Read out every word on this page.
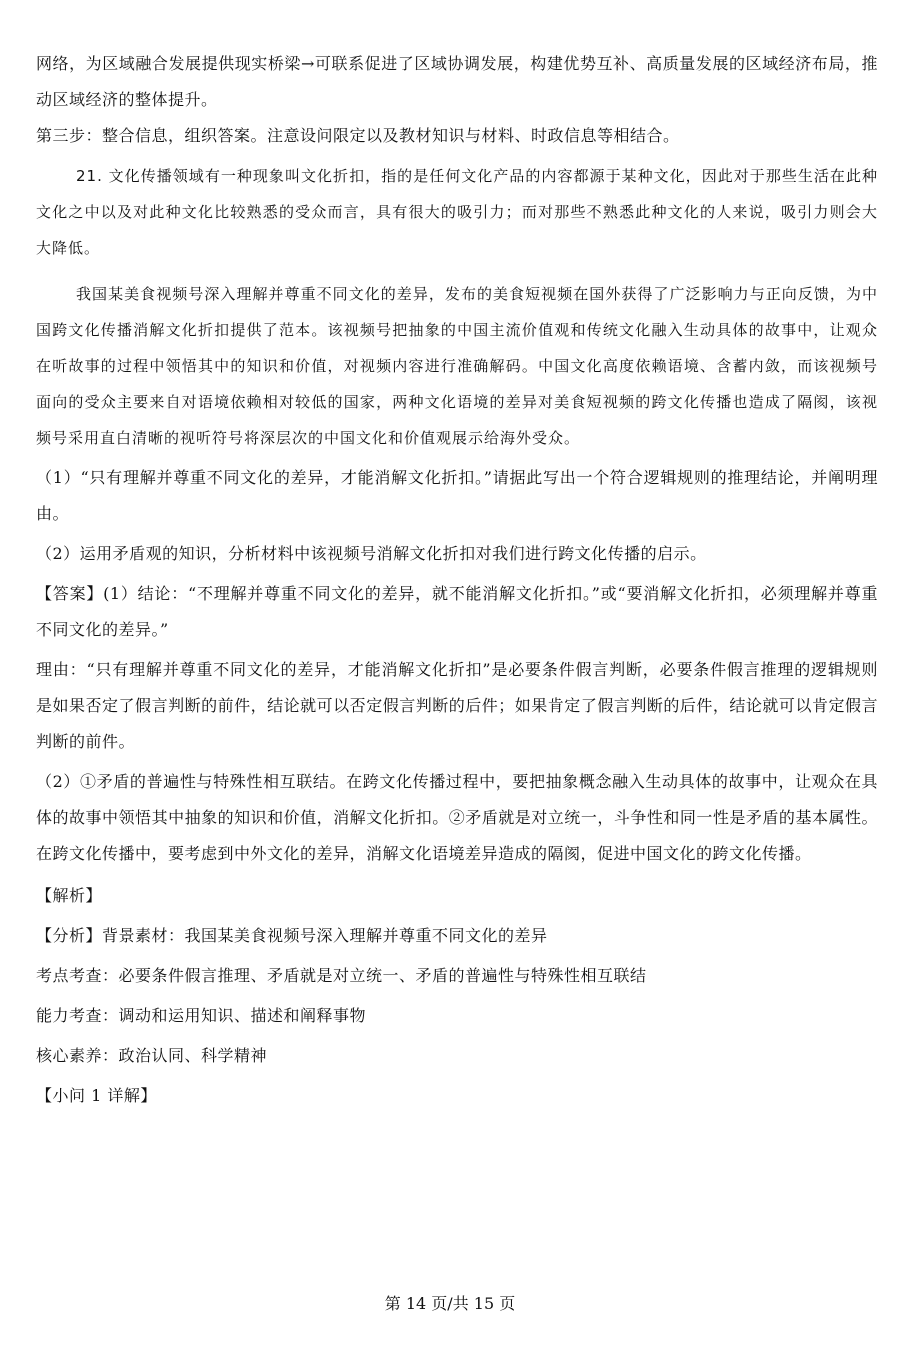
网络，为区域融合发展提供现实桥梁→可联系促进了区域协调发展，构建优势互补、高质量发展的区域经济布局，推动区域经济的整体提升。

第三步：整合信息，组织答案。注意设问限定以及教材知识与材料、时政信息等相结合。

21. 文化传播领域有一种现象叫文化折扣，指的是任何文化产品的内容都源于某种文化，因此对于那些生活在此种文化之中以及对此种文化比较熟悉的受众而言，具有很大的吸引力；而对那些不熟悉此种文化的人来说，吸引力则会大大降低。

我国某美食视频号深入理解并尊重不同文化的差异，发布的美食短视频在国外获得了广泛影响力与正向反馈，为中国跨文化传播消解文化折扣提供了范本。该视频号把抽象的中国主流价值观和传统文化融入生动具体的故事中，让观众在听故事的过程中领悟其中的知识和价值，对视频内容进行准确解码。中国文化高度依赖语境、含蓄内敛，而该视频号面向的受众主要来自对语境依赖相对较低的国家，两种文化语境的差异对美食短视频的跨文化传播也造成了隔阂，该视频号采用直白清晰的视听符号将深层次的中国文化和价值观展示给海外受众。

（1）“只有理解并尊重不同文化的差异，才能消解文化折扣。”请据此写出一个符合逻辑规则的推理结论，并阐明理由。

（2）运用矛盾观的知识，分析材料中该视频号消解文化折扣对我们进行跨文化传播的启示。

【答案】(1）结论：“不理解并尊重不同文化的差异，就不能消解文化折扣。”或“要消解文化折扣，必须理解并尊重不同文化的差异。”

理由：“只有理解并尊重不同文化的差异，才能消解文化折扣”是必要条件假言判断，必要条件假言推理的逻辑规则是如果否定了假言判断的前件，结论就可以否定假言判断的后件；如果肯定了假言判断的后件，结论就可以肯定假言判断的前件。

（2）①矛盾的普遍性与特殊性相互联结。在跨文化传播过程中，要把抽象概念融入生动具体的故事中，让观众在具体的故事中领悟其中抽象的知识和价值，消解文化折扣。②矛盾就是对立统一，斗争性和同一性是矛盾的基本属性。在跨文化传播中，要考虑到中外文化的差异，消解文化语境差异造成的隔阂，促进中国文化的跨文化传播。

【解析】

【分析】背景素材：我国某美食视频号深入理解并尊重不同文化的差异

考点考查：必要条件假言推理、矛盾就是对立统一、矛盾的普遍性与特殊性相互联结

能力考查：调动和运用知识、描述和阐释事物

核心素养：政治认同、科学精神

【小问 1 详解】

第 14 页/共 15 页
